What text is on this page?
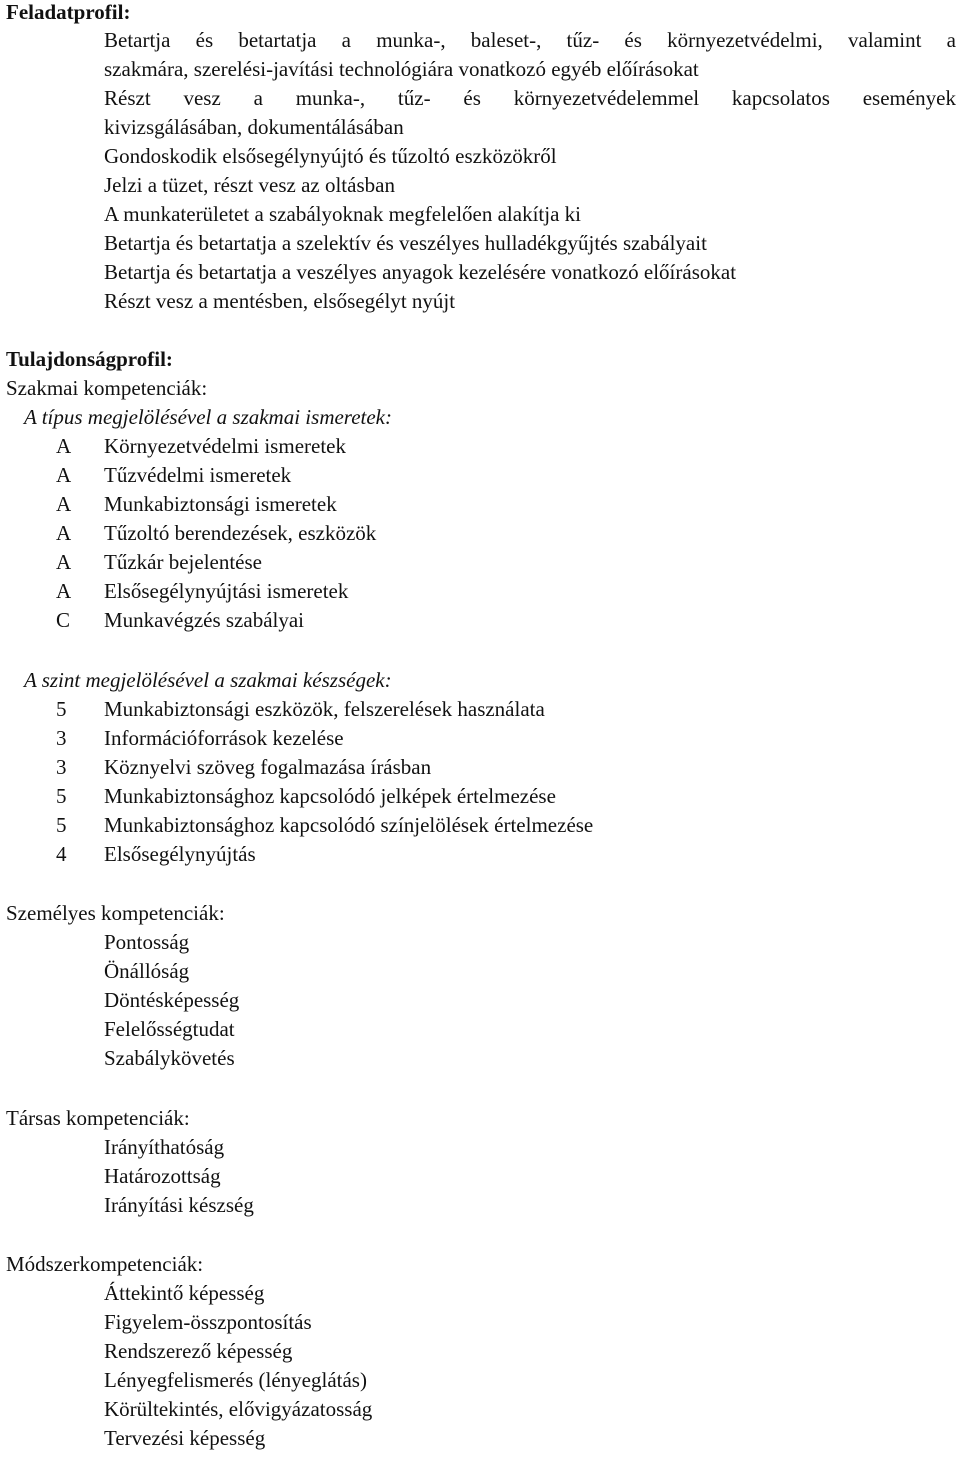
Feladatprofil:
Betartja és betartatja a munka-, baleset-, tűz- és környezetvédelmi, valamint a
szakmára, szerelési-javítási technológiára vonatkozó egyéb előírásokat
Részt vesz a munka-, tűz- és környezetvédelemmel kapcsolatos események
kivizsgálásában, dokumentálásában
Gondoskodik elsősegélynyújtó és tűzoltó eszközökről
Jelzi a tüzet, részt vesz az oltásban
A munkaterületet a szabályoknak megfelelően alakítja ki
Betartja és betartatja a szelektív és veszélyes hulladékgyűjtés szabályait
Betartja és betartatja a veszélyes anyagok kezelésére vonatkozó előírásokat
Részt vesz a mentésben, elsősegélyt nyújt
Tulajdonságprofil:
Szakmai kompetenciák:
A típus megjelölésével a szakmai ismeretek:
A Környezetvédelmi ismeretek
A Tűzvédelmi ismeretek
A Munkabiztonsági ismeretek
A Tűzoltó berendezések, eszközök
A Tűzkár bejelentése
A Elsősegélynyújtási ismeretek
C Munkavégzés szabályai
A szint megjelölésével a szakmai készségek:
5 Munkabiztonsági eszközök, felszerelések használata
3 Információforrások kezelése
3 Köznyelvi szöveg fogalmazása írásban
5 Munkabiztonsághoz kapcsolódó jelképek értelmezése
5 Munkabiztonsághoz kapcsolódó színjelölések értelmezése
4 Elsősegélynyújtás
Személyes kompetenciák:
Pontosság
Önállóság
Döntésképesség
Felelősségtudat
Szabálykövetés
Társas kompetenciák:
Irányíthatóság
Határozottság
Irányítási készség
Módszerkompetenciák:
Áttekintő képesség
Figyelem-összpontosítás
Rendszerező képesség
Lényegfelismerés (lényeglátás)
Körültekintés, elővigyázatosság
Tervezési képesség
